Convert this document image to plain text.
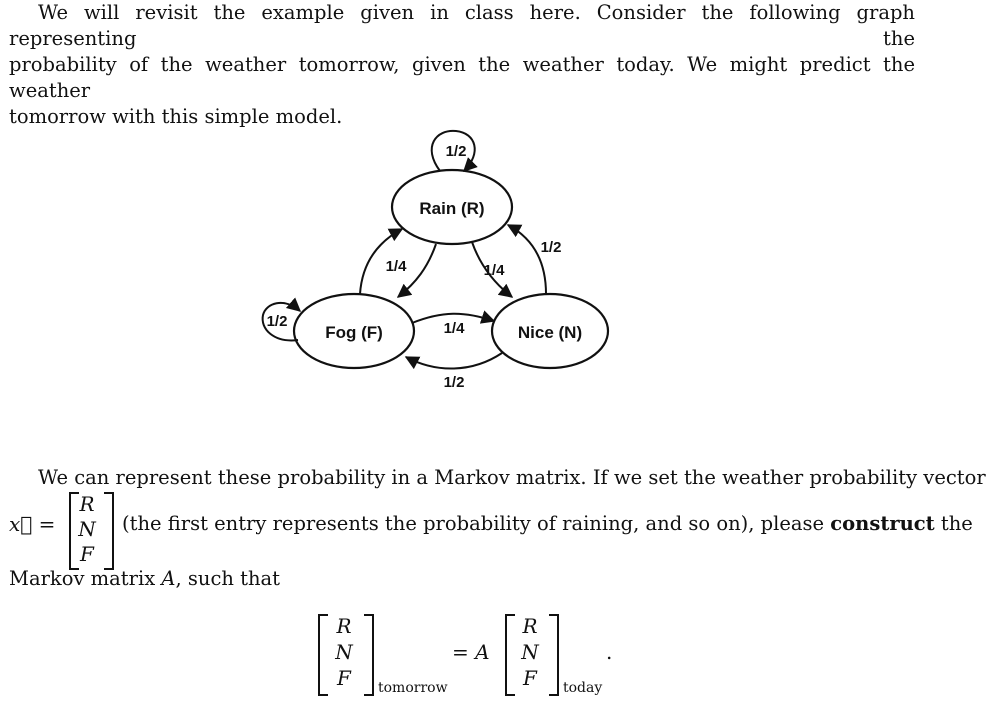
We will revisit the example given in class here. Consider the following graph representing the
probability of the weather tomorrow, given the weather today. We might predict the weather
tomorrow with this simple model.
Rain (R)
Fog (F)	Nice (N)
1/2
1/2
1/4	1/4
1/2
1/4
1/2
We can represent these probability in a Markov matrix. If we set the weather probability vector
x⃗ =
R
N
F
(the first entry represents the probability of raining, and so on), please construct the
Markov matrix A, such that
R
N
F	tomorrow
= A
R
N
F	today
.
